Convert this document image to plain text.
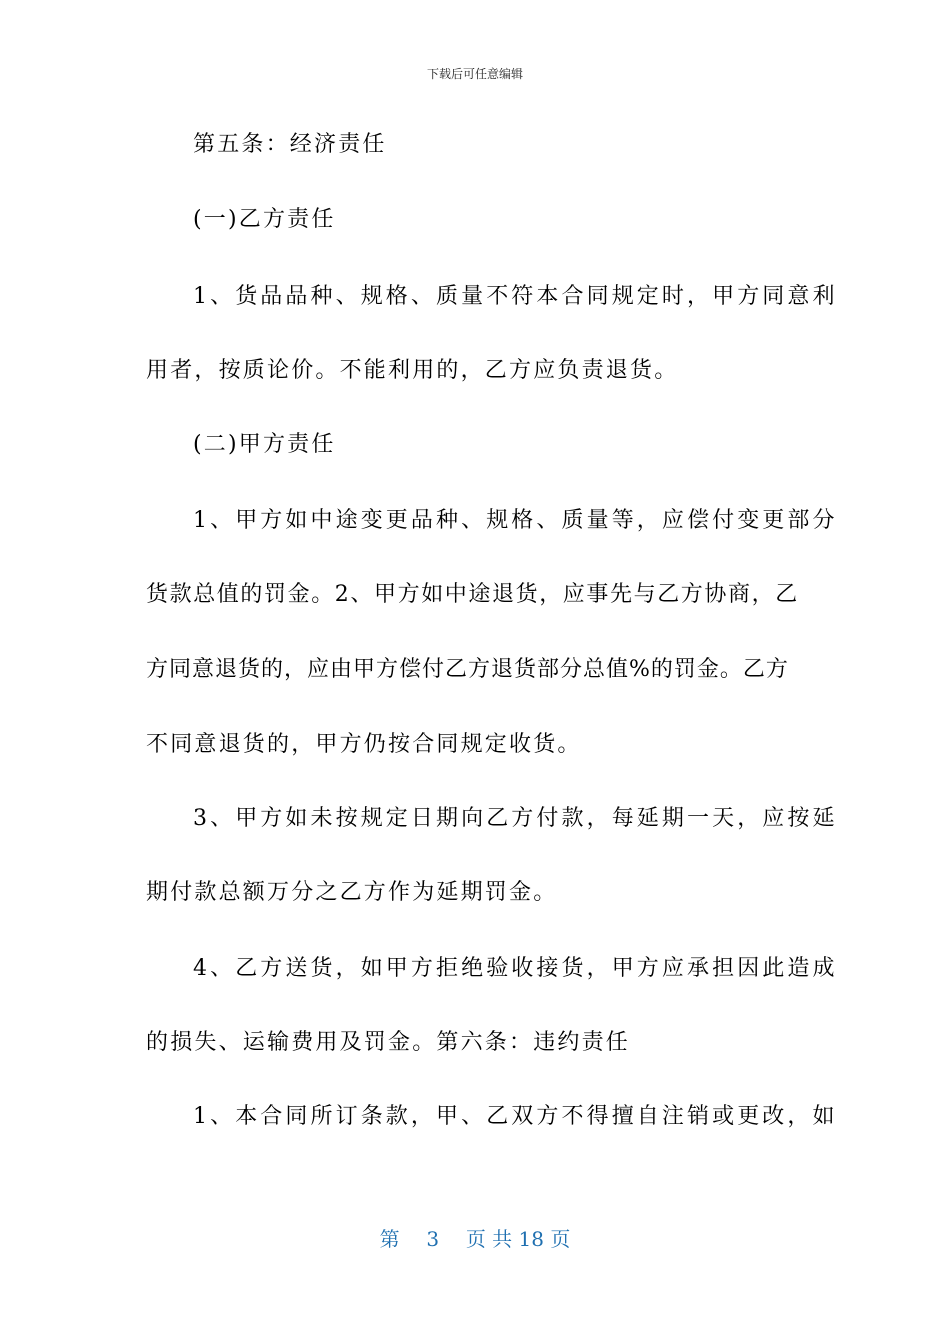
下载后可任意编辑
第五条：经济责任
(一)乙方责任
1、货品品种、规格、质量不符本合同规定时，甲方同意利
用者，按质论价。不能利用的，乙方应负责退货。
(二)甲方责任
1、甲方如中途变更品种、规格、质量等，应偿付变更部分
货款总值的罚金。2、甲方如中途退货，应事先与乙方协商，乙
方同意退货的，应由甲方偿付乙方退货部分总值%的罚金。乙方
不同意退货的，甲方仍按合同规定收货。
3、甲方如未按规定日期向乙方付款，每延期一天，应按延
期付款总额万分之乙方作为延期罚金。
4、乙方送货，如甲方拒绝验收接货，甲方应承担因此造成
的损失、运输费用及罚金。第六条：违约责任
1、本合同所订条款，甲、乙双方不得擅自注销或更改，如
第 3 页 共 18 页
